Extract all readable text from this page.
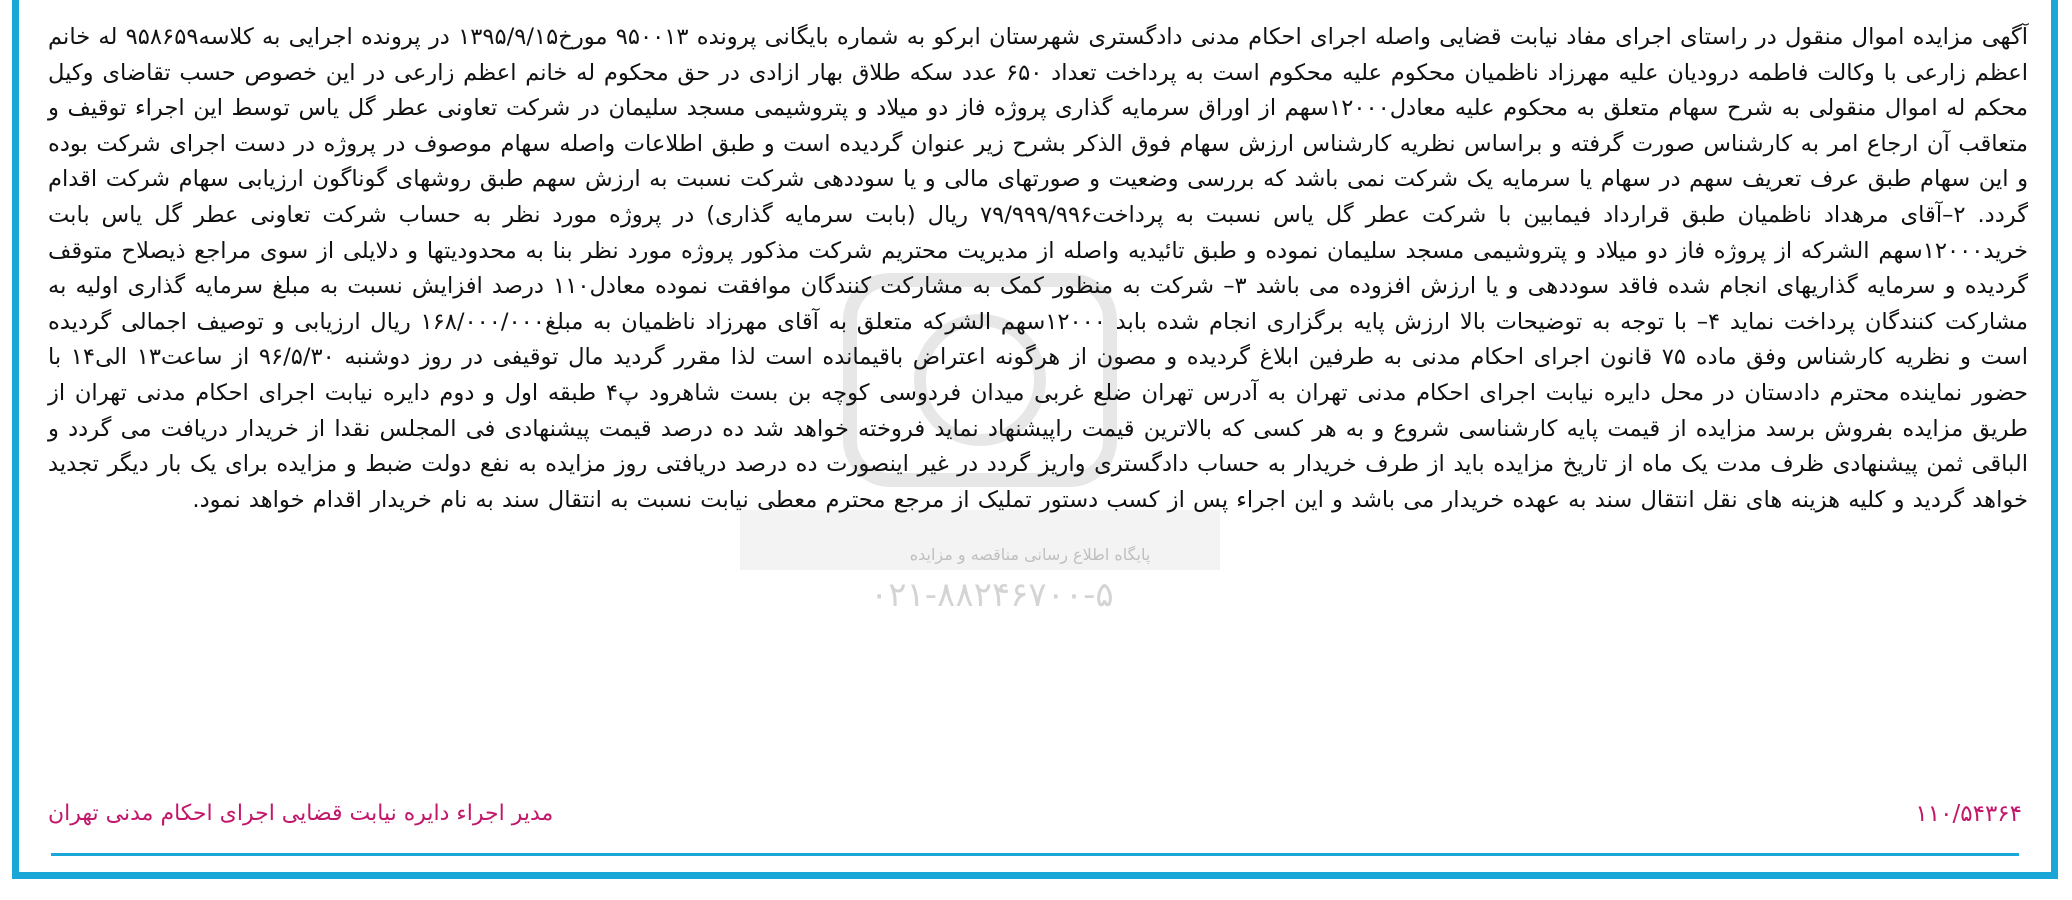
پایگاه اطلاع رسانی مناقصه و مزایده
۰۲۱-۸۸۲۴۶۷۰۰-۵
آگهی مزایده اموال منقول در راستای اجرای مفاد نیابت قضایی واصله اجرای احکام مدنی دادگستری شهرستان ابرکو به شماره بایگانی پرونده ۹۵۰۰۱۳ مورخ۱۳۹۵/۹/۱۵ در پرونده اجرایی به کلاسه۹۵۸۶۵۹ له خانم اعظم زارعی با وکالت فاطمه درودیان علیه مهرزاد ناظمیان محکوم علیه محکوم است به پرداخت تعداد ۶۵۰ عدد سکه طلاق بهار ازادی در حق محکوم له خانم اعظم زارعی در این خصوص حسب تقاضای وکیل محکم له اموال منقولی به شرح سهام متعلق به محکوم علیه معادل۱۲۰۰۰سهم از اوراق سرمایه گذاری پروژه فاز دو میلاد و پتروشیمی مسجد سلیمان در شرکت تعاونی عطر گل یاس توسط این اجراء توقیف و متعاقب آن ارجاع امر به کارشناس صورت گرفته و براساس نظریه کارشناس ارزش سهام فوق الذکر بشرح زیر عنوان گردیده است و طبق اطلاعات واصله سهام موصوف در پروژه در دست اجرای شرکت بوده و این سهام طبق عرف تعریف سهم در سهام یا سرمایه یک شرکت نمی باشد که بررسی وضعیت و صورتهای مالی و یا سوددهی شرکت نسبت به ارزش سهم طبق روشهای گوناگون ارزیابی سهام شرکت اقدام گردد. ۲–آقای مرهداد ناظمیان طبق قرارداد فیمابین با شرکت عطر گل یاس نسبت به پرداخت۷۹/۹۹۹/۹۹۶ ریال (بابت سرمایه گذاری) در پروژه مورد نظر به حساب شرکت تعاونی عطر گل یاس بابت خرید۱۲۰۰۰سهم الشرکه از پروژه فاز دو میلاد و پتروشیمی مسجد سلیمان نموده و طبق تائیدیه واصله از مدیریت محتریم شرکت مذکور پروژه مورد نظر بنا به محدودیتها و دلایلی از سوی مراجع ذیصلاح متوقف گردیده و سرمایه گذاریهای انجام شده فاقد سوددهی و یا ارزش افزوده می باشد ۳– شرکت به منظور کمک به مشارکت کنندگان موافقت نموده معادل۱۱۰ درصد افزایش نسبت به مبلغ سرمایه گذاری اولیه به مشارکت کنندگان پرداخت نماید ۴– با توجه به توضیحات بالا ارزش پایه برگزاری انجام شده بابد ۱۲۰۰۰سهم الشرکه متعلق به آقای مهرزاد ناظمیان به مبلغ۱۶۸/۰۰۰/۰۰۰ ریال ارزیابی و توصیف اجمالی گردیده است و نظریه کارشناس وفق ماده ۷۵ قانون اجرای احکام مدنی به طرفین ابلاغ گردیده و مصون از هرگونه اعتراض باقیمانده است لذا مقرر گردید مال توقیفی در روز دوشنبه ۹۶/۵/۳۰ از ساعت۱۳ الی۱۴ با حضور نماینده محترم دادستان در محل دایره نیابت اجرای احکام مدنی تهران به آدرس تهران ضلع غربی میدان فردوسی کوچه بن بست شاهرود پ۴ طبقه اول و دوم دایره نیابت اجرای احکام مدنی تهران از طریق مزایده بفروش برسد مزایده از قیمت پایه کارشناسی شروع و به هر کسی که بالاترین قیمت راپیشنهاد نماید فروخته خواهد شد ده درصد قیمت پیشنهادی فی المجلس نقدا از خریدار دریافت می گردد و الباقی ثمن پیشنهادی ظرف مدت یک ماه از تاریخ مزایده باید از طرف خریدار به حساب دادگستری واریز گردد در غیر اینصورت ده درصد دریافتی روز مزایده به نفع دولت ضبط و مزایده برای یک بار دیگر تجدید خواهد گردید و کلیه هزینه های نقل انتقال سند به عهده خریدار می باشد و این اجراء پس از کسب دستور تملیک از مرجع محترم معطی نیابت نسبت به انتقال سند به نام خریدار اقدام خواهد نمود.
مدیر اجراء دایره نیابت قضایی اجرای احکام مدنی تهران	۱۱۰/۵۴۳۶۴
